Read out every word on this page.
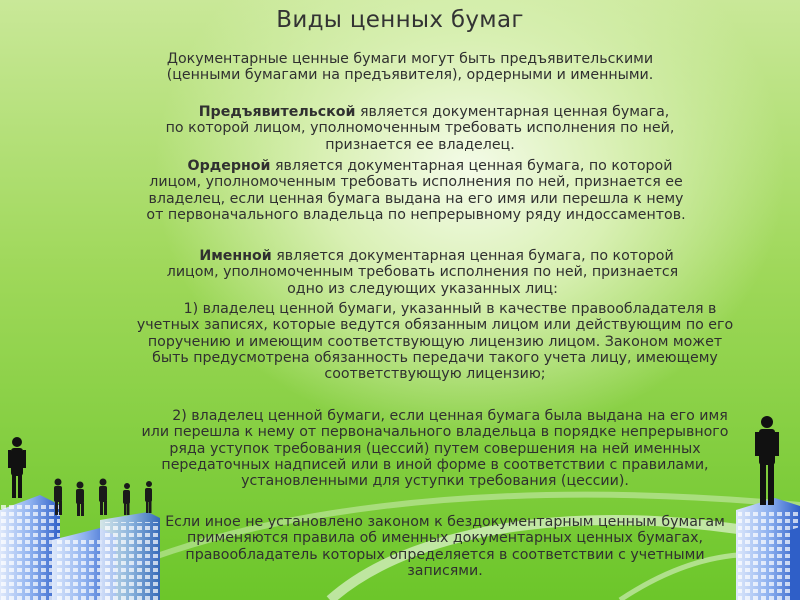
Виды ценных бумаг

Документарные ценные бумаги могут быть предъявительскими (ценными бумагами на предъявителя), ордерными и именными.

Предъявительской является документарная ценная бумага, по которой лицом, уполномоченным требовать исполнения по ней, признается ее владелец.

Ордерной является документарная ценная бумага, по которой лицом, уполномоченным требовать исполнения по ней, признается ее владелец, если ценная бумага выдана на его имя или перешла к нему от первоначального владельца по непрерывному ряду индоссаментов.

Именной является документарная ценная бумага, по которой лицом, уполномоченным требовать исполнения по ней, признается одно из следующих указанных лиц:

1) владелец ценной бумаги, указанный в качестве правообладателя в учетных записях, которые ведутся обязанным лицом или действующим по его поручению и имеющим соответствующую лицензию лицом. Законом может быть предусмотрена обязанность передачи такого учета лицу, имеющему соответствующую лицензию;

2) владелец ценной бумаги, если ценная бумага была выдана на его имя или перешла к нему от первоначального владельца в порядке непрерывного ряда уступок требования (цессий) путем совершения на ней именных передаточных надписей или в иной форме в соответствии с правилами, установленными для уступки требования (цессии).

Если иное не установлено законом к бездокументарным ценным бумагам применяются правила об именных документарных ценных бумагах, правообладатель которых определяется в соответствии с учетными записями.
